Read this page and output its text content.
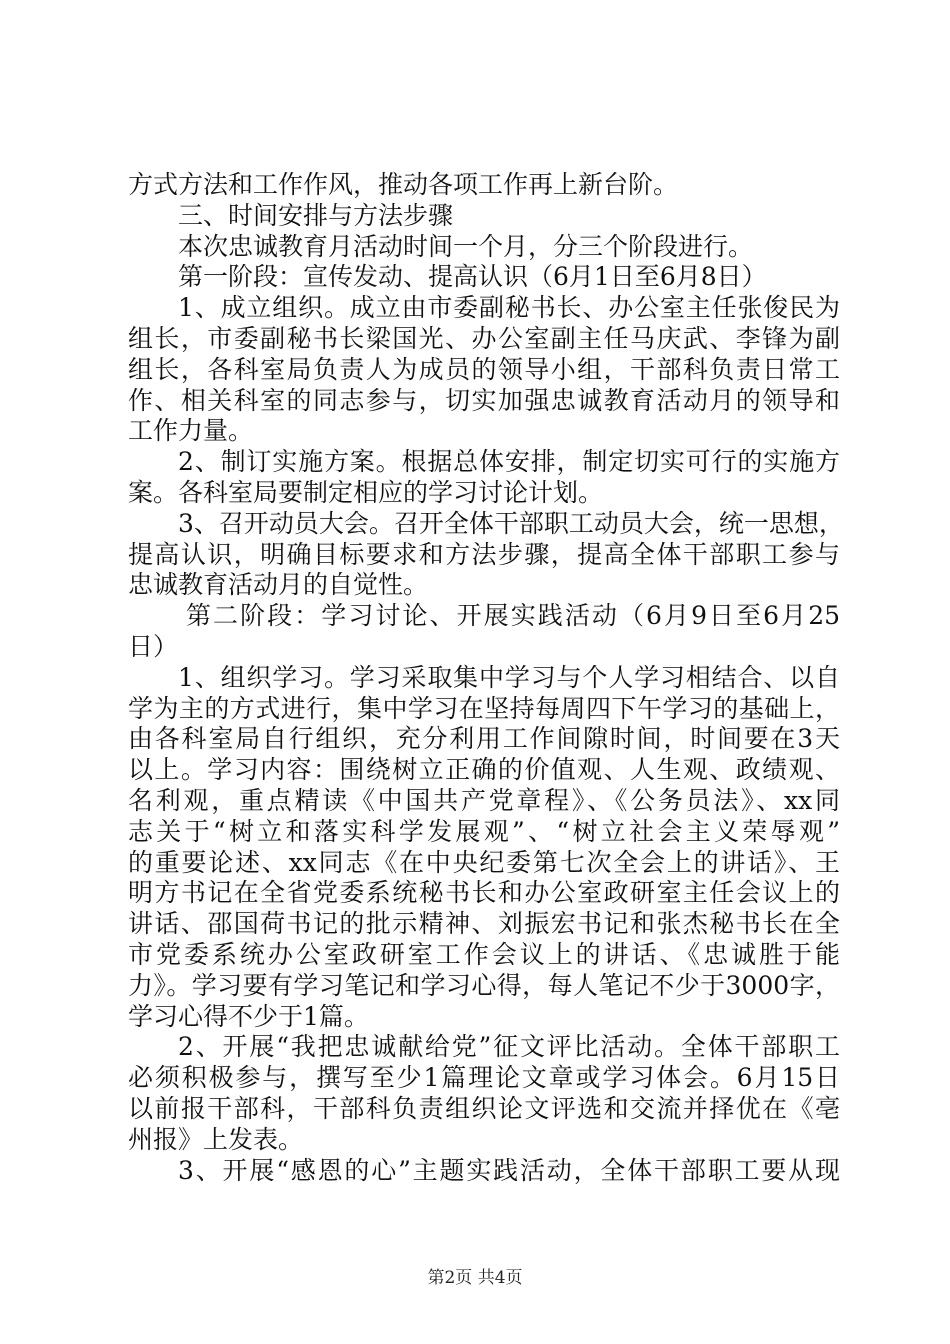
方式方法和工作作风，推动各项工作再上新台阶。
三、时间安排与方法步骤
本次忠诚教育月活动时间一个月，分三个阶段进行。
第一阶段：宣传发动、提高认识（6月1日至6月8日）
1、成立组织。成立由市委副秘书长、办公室主任张俊民为
组长，市委副秘书长梁国光、办公室副主任马庆武、李锋为副
组长，各科室局负责人为成员的领导小组，干部科负责日常工
作、相关科室的同志参与，切实加强忠诚教育活动月的领导和
工作力量。
2、制订实施方案。根据总体安排，制定切实可行的实施方
案。各科室局要制定相应的学习讨论计划。
3、召开动员大会。召开全体干部职工动员大会，统一思想，
提高认识，明确目标要求和方法步骤，提高全体干部职工参与
忠诚教育活动月的自觉性。
第二阶段：学习讨论、开展实践活动（6月9日至6月25
日）
1、组织学习。学习采取集中学习与个人学习相结合、以自
学为主的方式进行，集中学习在坚持每周四下午学习的基础上，
由各科室局自行组织，充分利用工作间隙时间，时间要在3天
以上。学习内容：围绕树立正确的价值观、人生观、政绩观、
名利观，重点精读《中国共产党章程》、《公务员法》、xx同
志关于“树立和落实科学发展观”、“树立社会主义荣辱观”
的重要论述、xx同志《在中央纪委第七次全会上的讲话》、王
明方书记在全省党委系统秘书长和办公室政研室主任会议上的
讲话、邵国荷书记的批示精神、刘振宏书记和张杰秘书长在全
市党委系统办公室政研室工作会议上的讲话、《忠诚胜于能
力》。学习要有学习笔记和学习心得，每人笔记不少于3000字，
学习心得不少于1篇。
2、开展“我把忠诚献给党”征文评比活动。全体干部职工
必须积极参与，撰写至少1篇理论文章或学习体会。6月15日
以前报干部科，干部科负责组织论文评选和交流并择优在《亳
州报》上发表。
3、开展“感恩的心”主题实践活动，全体干部职工要从现
第2页 共4页
